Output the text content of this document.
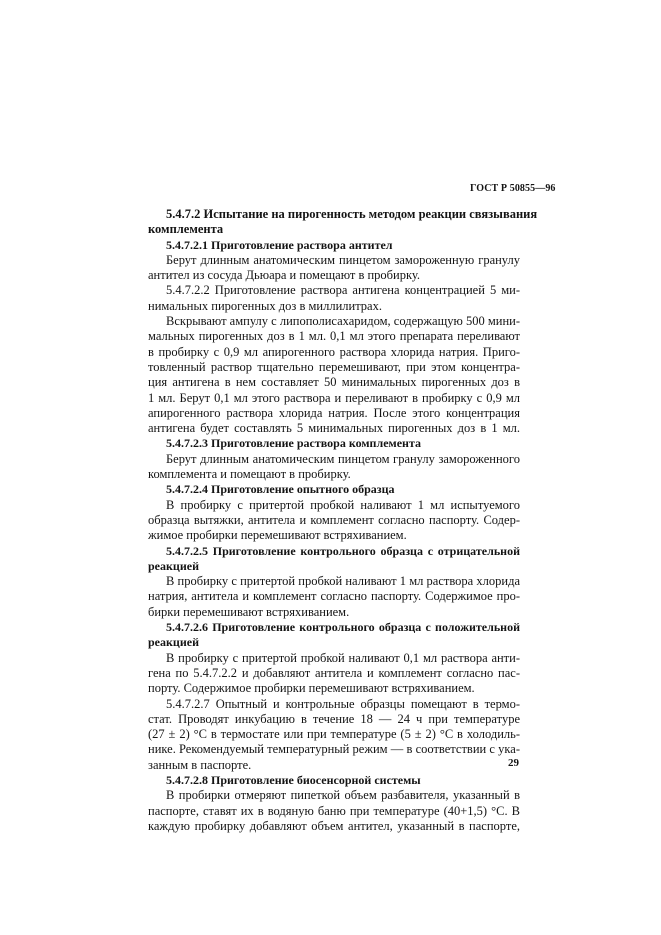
ГОСТ Р 50855—96
5.4.7.2 Испытание на пирогенность методом реакции связывания
комплемента
5.4.7.2.1 Приготовление раствора антител
Берут длинным анатомическим пинцетом замороженную гранулу
антител из сосуда Дьюара и помещают в пробирку.
5.4.7.2.2 Приготовление раствора антигена концентрацией 5 ми-
нимальных пирогенных доз в миллилитрах.
Вскрывают ампулу с липополисахаридом, содержащую 500 мини-
мальных пирогенных доз в 1 мл. 0,1 мл этого препарата переливают
в пробирку с 0,9 мл апирогенного раствора хлорида натрия. Приго-
товленный раствор тщательно перемешивают, при этом концентра-
ция антигена в нем составляет 50 минимальных пирогенных доз в
1 мл. Берут 0,1 мл этого раствора и переливают в пробирку с 0,9 мл
апирогенного раствора хлорида натрия. После этого концентрация
антигена будет составлять 5 минимальных пирогенных доз в 1 мл.
5.4.7.2.3 Приготовление раствора комплемента
Берут длинным анатомическим пинцетом гранулу замороженного
комплемента и помещают в пробирку.
5.4.7.2.4 Приготовление опытного образца
В пробирку с притертой пробкой наливают 1 мл испытуемого
образца вытяжки, антитела и комплемент согласно паспорту. Содер-
жимое пробирки перемешивают встряхиванием.
5.4.7.2.5 Приготовление контрольного образца с отрицательной
реакцией
В пробирку с притертой пробкой наливают 1 мл раствора хлорида
натрия, антитела и комплемент согласно паспорту. Содержимое про-
бирки перемешивают встряхиванием.
5.4.7.2.6 Приготовление контрольного образца с положительной
реакцией
В пробирку с притертой пробкой наливают 0,1 мл раствора анти-
гена по 5.4.7.2.2 и добавляют антитела и комплемент согласно пас-
порту. Содержимое пробирки перемешивают встряхиванием.
5.4.7.2.7 Опытный и контрольные образцы помещают в термо-
стат. Проводят инкубацию в течение 18 — 24 ч при температуре
(27 ± 2) °С в термостате или при температуре (5 ± 2) °С в холодиль-
нике. Рекомендуемый температурный режим — в соответствии с ука-
занным в паспорте.
5.4.7.2.8 Приготовление биосенсорной системы
В пробирки отмеряют пипеткой объем разбавителя, указанный в
паспорте, ставят их в водяную баню при температуре (40+1,5) °С. В
каждую пробирку добавляют объем антител, указанный в паспорте,
29
